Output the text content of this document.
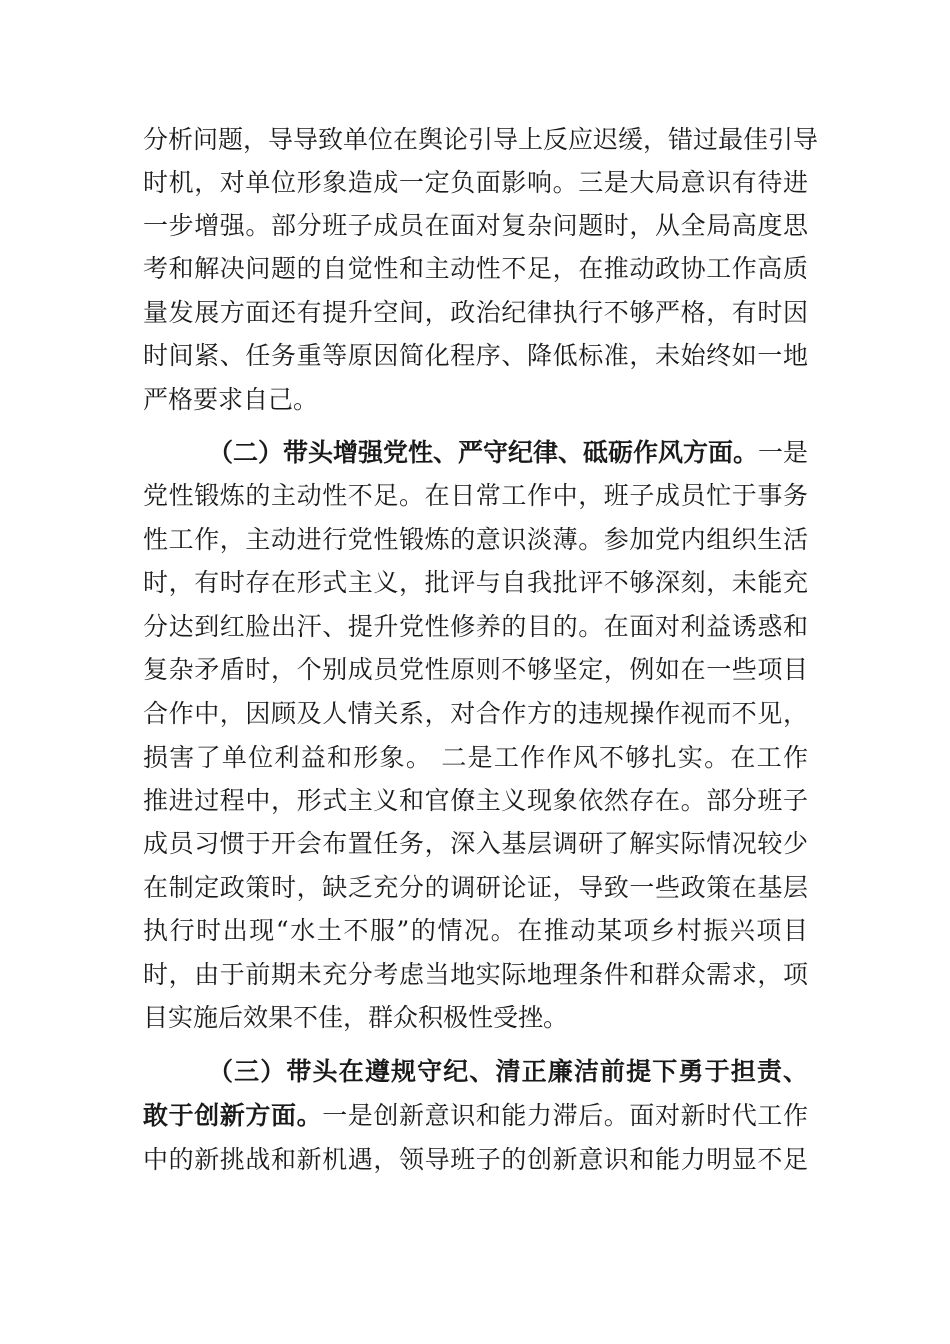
分析问题，导导致单位在舆论引导上反应迟缓，错过最佳引导
时机，对单位形象造成一定负面影响。三是大局意识有待进
一步增强。部分班子成员在面对复杂问题时，从全局高度思
考和解决问题的自觉性和主动性不足，在推动政协工作高质
量发展方面还有提升空间，政治纪律执行不够严格，有时因
时间紧、任务重等原因简化程序、降低标准，未始终如一地
严格要求自己。
（二）带头增强党性、严守纪律、砥砺作风方面。一是
党性锻炼的主动性不足。在日常工作中，班子成员忙于事务
性工作，主动进行党性锻炼的意识淡薄。参加党内组织生活
时，有时存在形式主义，批评与自我批评不够深刻，未能充
分达到红脸出汗、提升党性修养的目的。在面对利益诱惑和
复杂矛盾时，个别成员党性原则不够坚定，例如在一些项目
合作中，因顾及人情关系，对合作方的违规操作视而不见，
损害了单位利益和形象。 二是工作作风不够扎实。在工作
推进过程中，形式主义和官僚主义现象依然存在。部分班子
成员习惯于开会布置任务，深入基层调研了解实际情况较少
在制定政策时，缺乏充分的调研论证，导致一些政策在基层
执行时出现“水土不服”的情况。在推动某项乡村振兴项目
时，由于前期未充分考虑当地实际地理条件和群众需求，项
目实施后效果不佳，群众积极性受挫。
（三）带头在遵规守纪、清正廉洁前提下勇于担责、
敢于创新方面。一是创新意识和能力滞后。面对新时代工作
中的新挑战和新机遇，领导班子的创新意识和能力明显不足
